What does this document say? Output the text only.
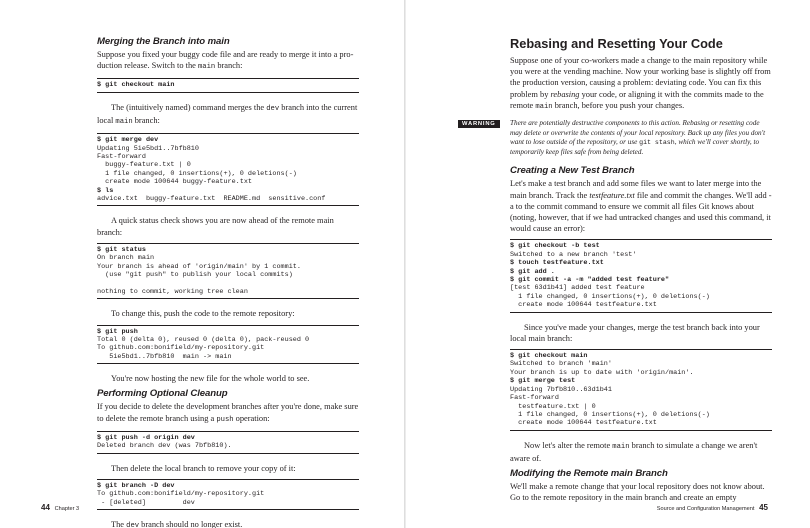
Merging the Branch into main

Suppose you fixed your buggy code file and are ready to merge it into a pro-duction release. Switch to the main branch:

$ git checkout main

The (intuitively named) command merges the dev branch into the current local main branch:

$ git merge dev
Updating 5ie5bd1..7bfb810
Fast-forward
buggy-feature.txt | 0
1 file changed, 0 insertions(+), 0 deletions(-)
create mode 100644 buggy-feature.txt
$ ls
advice.txt  buggy-feature.txt  README.md  sensitive.conf

A quick status check shows you are now ahead of the remote main branch:

$ git status
On branch main
Your branch is ahead of 'origin/main' by 1 commit.
(use "git push" to publish your local commits)

nothing to commit, working tree clean

To change this, push the code to the remote repository:

$ git push
Total 0 (delta 0), reused 0 (delta 0), pack-reused 0
To github.com:bonifield/my-repository.git
5ie5bd1..7bfb810  main -> main

You're now hosting the new file for the whole world to see.

Performing Optional Cleanup

If you decide to delete the development branches after you're done, make sure to delete the remote branch using a push operation:

$ git push -d origin dev
Deleted branch dev (was 7bfb810).

Then delete the local branch to remove your copy of it:

$ git branch -D dev
To github.com:bonifield/my-repository.git
- [deleted]         dev

The dev branch should no longer exist.

44 Chapter 3
Rebasing and Resetting Your Code

Suppose one of your co-workers made a change to the main repository while you were at the vending machine. Now your working base is slightly off from the production version, causing a problem: deviating code. You can fix this problem by rebasing your code, or aligning it with the commits made to the remote main branch, before you push your changes.

WARNING	There are potentially destructive components to this action. Rebasing or resetting code may delete or overwrite the contents of your local repository. Back up any files you don't want to lose outside of the repository, or use git stash, which we'll cover shortly, to temporarily keep files safe from being deleted.
Creating a New Test Branch

Let's make a test branch and add some files we want to later merge into the main branch. Track the testfeature.txt file and commit the changes. We'll add -a to the commit command to ensure we commit all files Git knows about (noting, however, that if we had untracked changes and used this command, it would cause an error):

$ git checkout -b test
Switched to a new branch 'test'
$ touch testfeature.txt
$ git add .
$ git commit -a -m "added test feature"
[test 63d1b41] added test feature
1 file changed, 0 insertions(+), 0 deletions(-)
create mode 100644 testfeature.txt

Since you've made your changes, merge the test branch back into your local main branch:

$ git checkout main
Switched to branch 'main'
Your branch is up to date with 'origin/main'.
$ git merge test
Updating 7bfb810..63d1b41
Fast-forward
testfeature.txt | 0
1 file changed, 0 insertions(+), 0 deletions(-)
create mode 100644 testfeature.txt

Now let's alter the remote main branch to simulate a change we aren't aware of.

Modifying the Remote main Branch

We'll make a remote change that your local repository does not know about. Go to the remote repository in the main branch and create an empty

Source and Configuration Management 45
